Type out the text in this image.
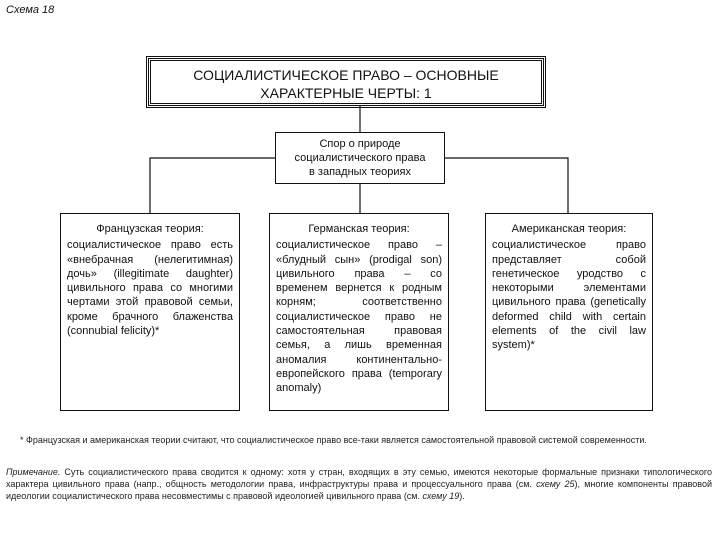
Схема 18
СОЦИАЛИСТИЧЕСКОЕ ПРАВО – ОСНОВНЫЕ
ХАРАКТЕРНЫЕ ЧЕРТЫ: 1
Спор о природе
социалистического права
в западных теориях
Французская теория:
социалистическое право есть «внебрачная (нелегитимная) дочь» (illegitimate daughter) цивильного права со многими чертами этой правовой семьи, кроме брачного блаженства (connubial felicity)*
Германская теория:
социалистическое право – «блудный сын» (prodigal son) цивильного права – со временем вернется к родным корням; соответственно социалистическое право не самостоятельная правовая семья, а лишь временная аномалия континентально-европейского права (temporary anomaly)
Американская теория:
социалистическое право представляет собой генетическое уродство с некоторыми элементами цивильного права (genetically deformed child with certain elements of the civil law system)*
* Французская и американская теории считают, что социалистическое право все-таки является самостоятельной правовой системой современности.
Примечание. Суть социалистического права сводится к одному: хотя у стран, входящих в эту семью, имеются некоторые формальные признаки типологического характера цивильного права (напр., общность методологии права, инфраструктуры права и процессуального права (см. схему 25), многие компоненты правовой идеологии социалистического права несовместимы с правовой идеологией цивильного права (см. схему 19).
